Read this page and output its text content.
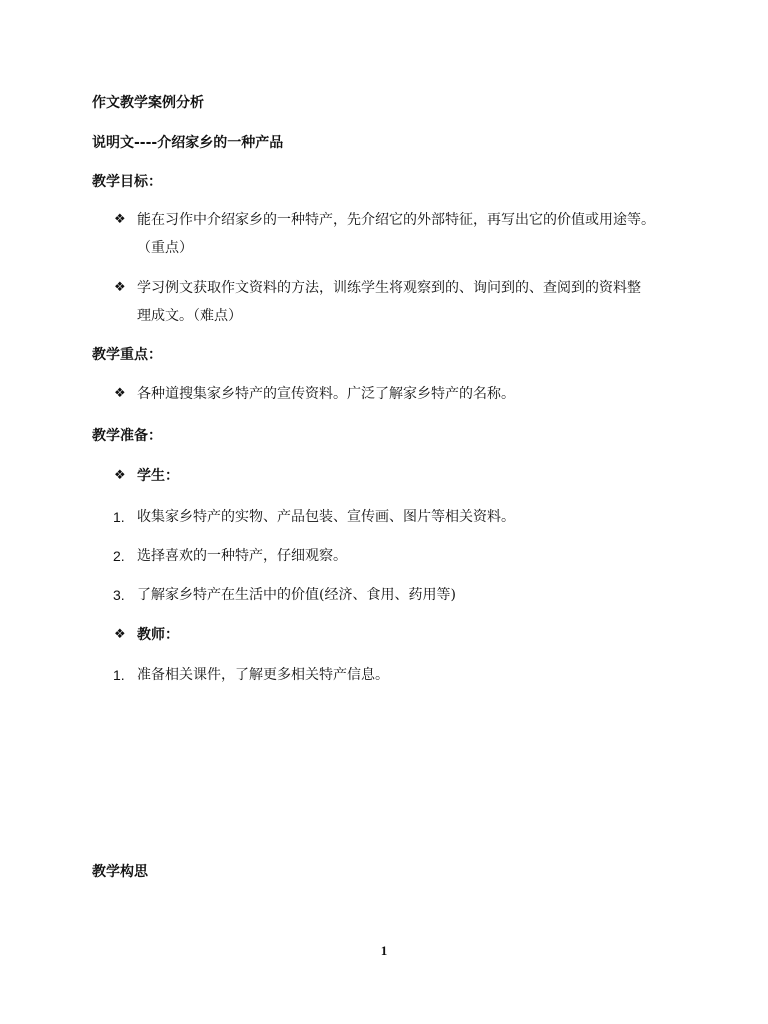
作文教学案例分析
说明文----介绍家乡的一种产品
教学目标：
❖ 能在习作中介绍家乡的一种特产，先介绍它的外部特征，再写出它的价值或用途等。
（重点）
❖ 学习例文获取作文资料的方法，训练学生将观察到的、询问到的、查阅到的资料整
理成文。（难点）
教学重点：
❖ 各种道搜集家乡特产的宣传资料。广泛了解家乡特产的名称。
教学准备：
❖ 学生：
1. 收集家乡特产的实物、产品包装、宣传画、图片等相关资料。
2. 选择喜欢的一种特产，仔细观察。
3. 了解家乡特产在生活中的价值(经济、食用、药用等)
❖ 教师：
1. 准备相关课件，了解更多相关特产信息。
教学构思
1
